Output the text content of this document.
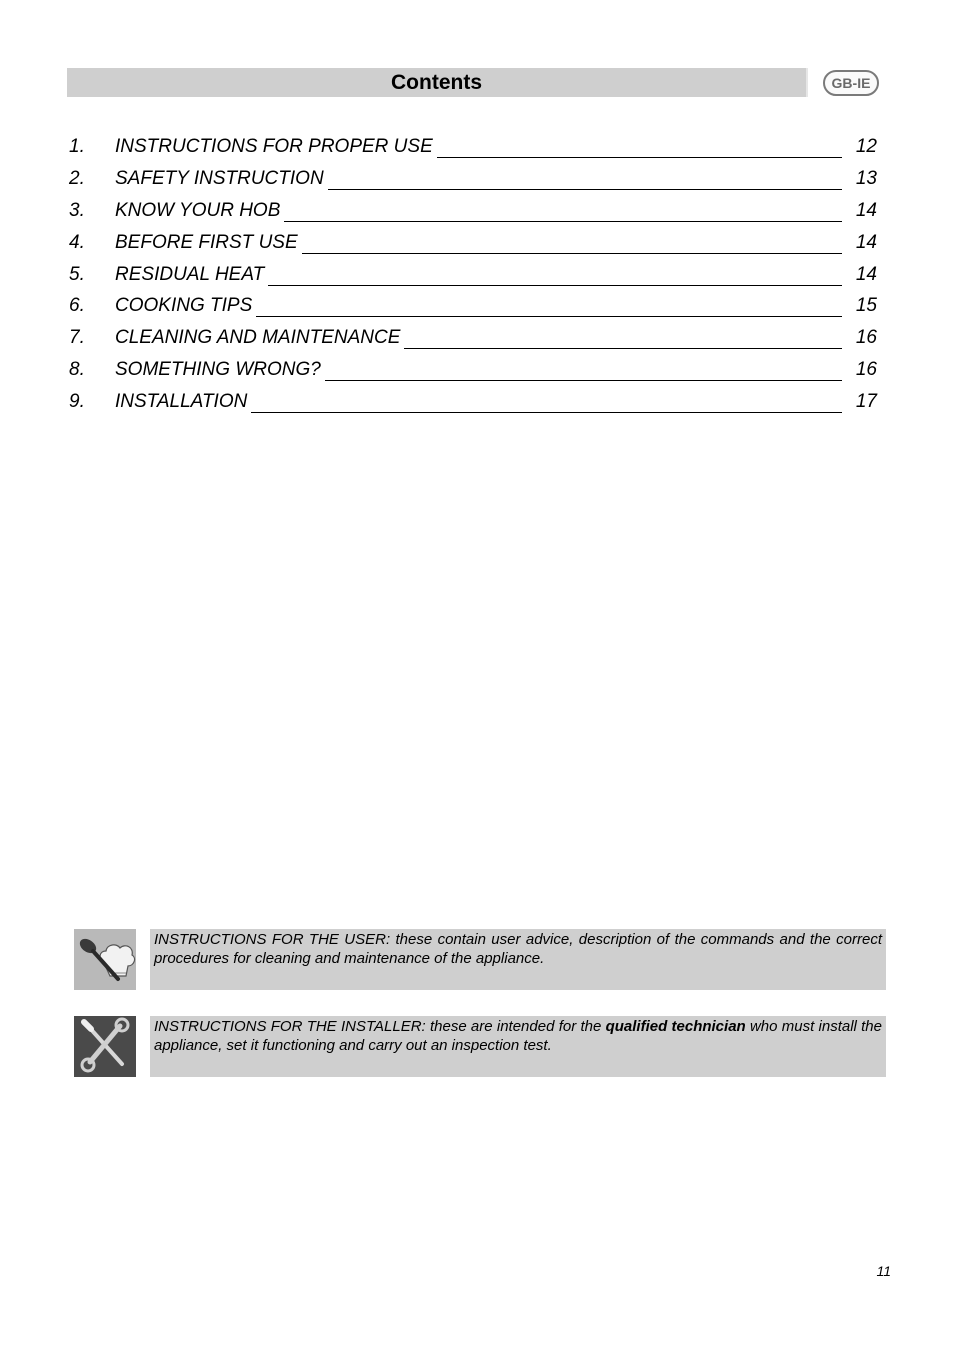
Contents	GB-IE
1. INSTRUCTIONS FOR PROPER USE	12
2. SAFETY INSTRUCTION	13
3. KNOW YOUR HOB	14
4. BEFORE FIRST USE	14
5. RESIDUAL HEAT	14
6. COOKING TIPS	15
7. CLEANING AND MAINTENANCE	16
8. SOMETHING WRONG?	16
9. INSTALLATION	17
INSTRUCTIONS FOR THE USER: these contain user advice, description of the commands and the correct procedures for cleaning and maintenance of the appliance.
INSTRUCTIONS FOR THE INSTALLER: these are intended for the qualified technician who must install the appliance, set it functioning and carry out an inspection test.
11
